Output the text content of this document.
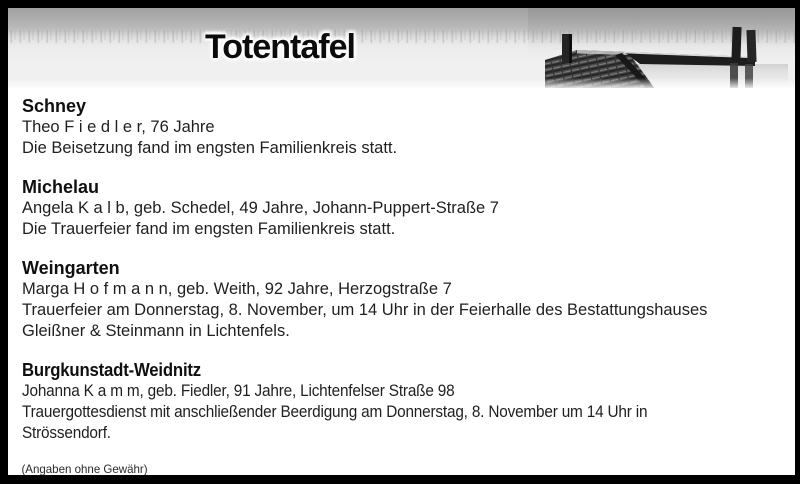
Totentafel
Schney
Theo F i e d l e r, 76 Jahre
Die Beisetzung fand im engsten Familienkreis statt.
Michelau
Angela K a l b, geb. Schedel, 49 Jahre, Johann-Puppert-Straße 7
Die Trauerfeier fand im engsten Familienkreis statt.
Weingarten
Marga H o f m a n n, geb. Weith, 92 Jahre, Herzogstraße 7
Trauerfeier am Donnerstag, 8. November, um 14 Uhr in der Feierhalle des Bestattungshauses
Gleißner & Steinmann in Lichtenfels.
Burgkunstadt-Weidnitz
Johanna K a m m, geb. Fiedler, 91 Jahre, Lichtenfelser Straße 98
Trauergottesdienst mit anschließender Beerdigung am Donnerstag, 8. November um 14 Uhr in
Strössendorf.
(Angaben ohne Gewähr)
